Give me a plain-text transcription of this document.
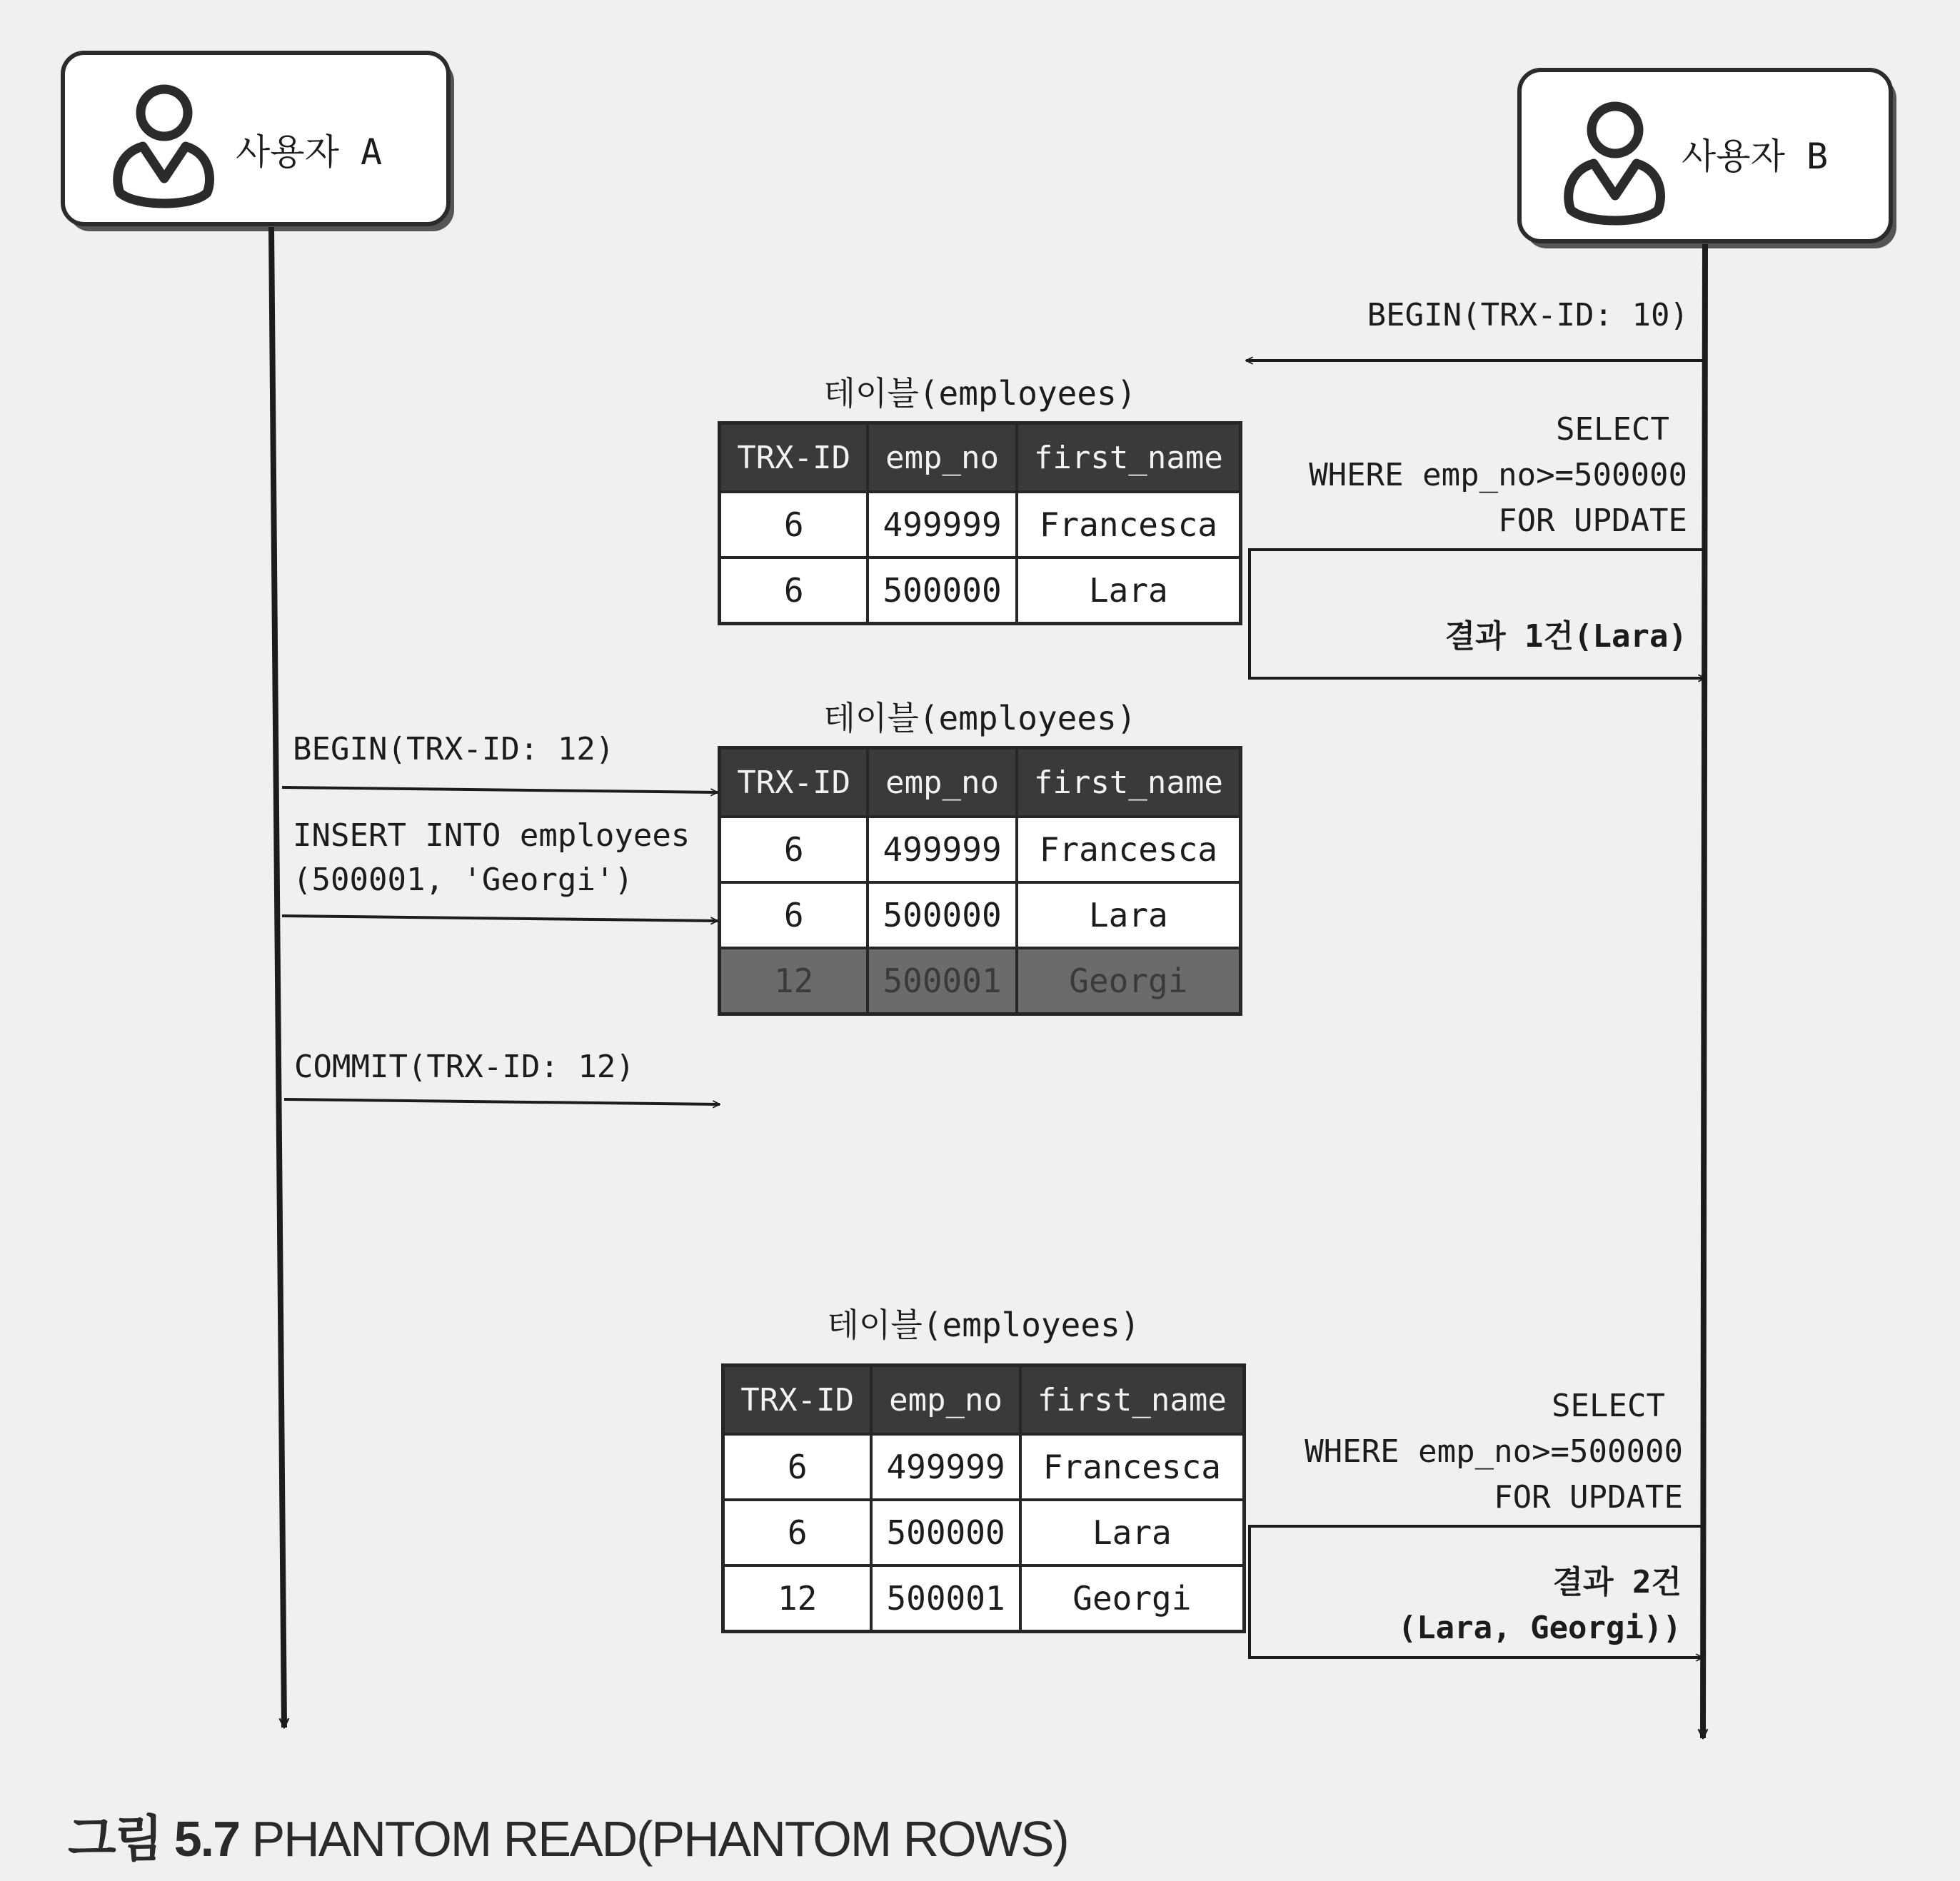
사용자 A	사용자 B
테이블(employees)
TRX-ID	emp_no	first_name
6	499999	Francesca
6	500000	Lara
테이블(employees)
TRX-ID	emp_no	first_name
6	499999	Francesca
6	500000	Lara
12	500001	Georgi
테이블(employees)
TRX-ID	emp_no	first_name
6	499999	Francesca
6	500000	Lara
12	500001	Georgi
BEGIN(TRX-ID: 10)
SELECT
WHERE emp_no>=500000
FOR UPDATE
결과 1건(Lara)
SELECT
WHERE emp_no>=500000
FOR UPDATE
결과 2건
(Lara, Georgi))
BEGIN(TRX-ID: 12)
INSERT INTO employees
(500001, 'Georgi')
COMMIT(TRX-ID: 12)
그림 5.7 PHANTOM READ(PHANTOM ROWS)
